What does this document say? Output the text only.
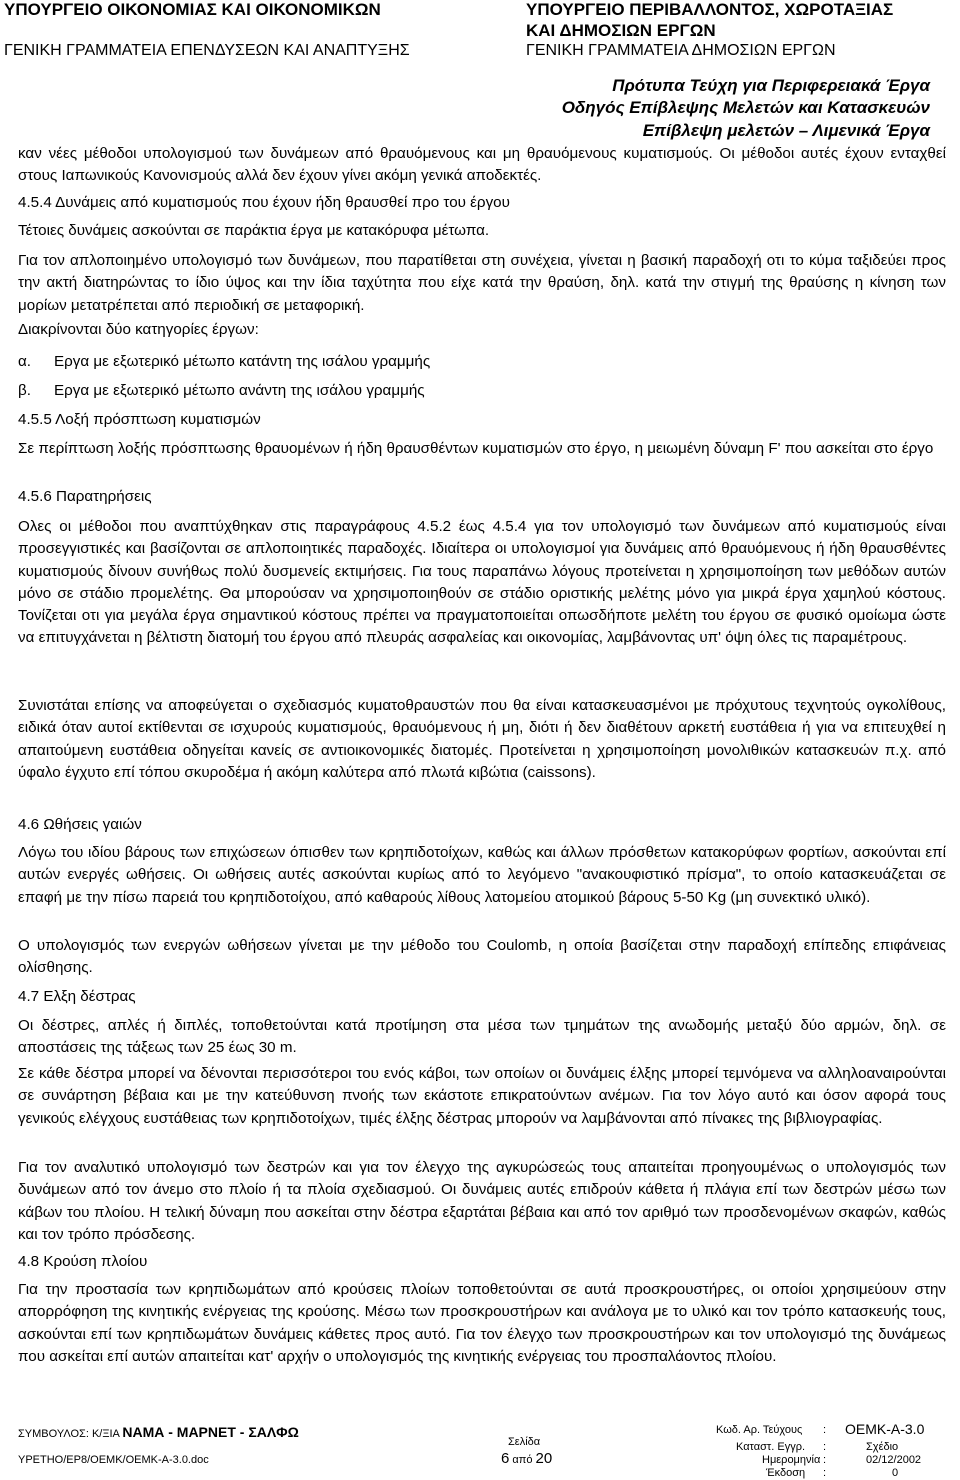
ΥΠΟΥΡΓΕΙΟ ΟΙΚΟΝΟΜΙΑΣ ΚΑΙ ΟΙΚΟΝΟΜΙΚΩΝ
ΓΕΝΙΚΗ ΓΡΑΜΜΑΤΕΙΑ ΕΠΕΝΔΥΣΕΩΝ ΚΑΙ ΑΝΑΠΤΥΞΗΣ
ΥΠΟΥΡΓΕΙΟ ΠΕΡΙΒΑΛΛΟΝΤΟΣ, ΧΩΡΟΤΑΞΙΑΣ
ΚΑΙ ΔΗΜΟΣΙΩΝ ΕΡΓΩΝ
ΓΕΝΙΚΗ ΓΡΑΜΜΑΤΕΙΑ ΔΗΜΟΣΙΩΝ ΕΡΓΩΝ
Πρότυπα Τεύχη για Περιφερειακά Έργα
Οδηγός Επίβλεψης Μελετών και Κατασκευών
Επίβλεψη μελετών – Λιμενικά Έργα

καν νέες μέθοδοι υπολογισμού των δυνάμεων από θραυόμενους και μη θραυόμενους κυματισμούς. Οι μέθοδοι αυτές έχουν ενταχθεί στους Ιαπωνικούς Κανονισμούς αλλά δεν έχουν γίνει ακόμη γενικά αποδεκτές.

4.5.4 Δυνάμεις από κυματισμούς που έχουν ήδη θραυσθεί προ του έργου
Τέτοιες δυνάμεις ασκούνται σε παράκτια έργα με κατακόρυφα μέτωπα.

Για τον απλοποιημένο υπολογισμό των δυνάμεων, που παρατίθεται στη συνέχεια, γίνεται η βασική παραδοχή οτι το κύμα ταξιδεύει προς την ακτή διατηρώντας το ίδιο ύψος και την ίδια ταχύτητα που είχε κατά την θραύση, δηλ. κατά την στιγμή της θραύσης η κίνηση των μορίων μετατρέπεται από περιοδική σε μεταφορική.

Διακρίνονται δύο κατηγορίες έργων:
α. Εργα με εξωτερικό μέτωπο κατάντη της ισάλου γραμμής
β. Εργα με εξωτερικό μέτωπο ανάντη της ισάλου γραμμής
4.5.5 Λοξή πρόσπτωση κυματισμών

Σε περίπτωση λοξής πρόσπτωσης θραυομένων ή ήδη θραυσθέντων κυματισμών στο έργο, η μειωμένη δύναμη F' που ασκείται στο έργο

4.5.6 Παρατηρήσεις

Ολες οι μέθοδοι που αναπτύχθηκαν στις παραγράφους 4.5.2 έως 4.5.4 για τον υπολογισμό των δυνάμεων από κυματισμούς είναι προσεγγιστικές και βασίζονται σε απλοποιητικές παραδοχές. Ιδιαίτερα οι υπολογισμοί για δυνάμεις από θραυόμενους ή ήδη θραυσθέντες κυματισμούς δίνουν συνήθως πολύ δυσμενείς εκτιμήσεις. Για τους παραπάνω λόγους προτείνεται η χρησιμοποίηση των μεθόδων αυτών μόνο σε στάδιο προμελέτης. Θα μπορούσαν να χρησιμοποιηθούν σε στάδιο οριστικής μελέτης μόνο για μικρά έργα χαμηλού κόστους. Τονίζεται οτι για μεγάλα έργα σημαντικού κόστους πρέπει να πραγματοποιείται οπωσδήποτε μελέτη του έργου σε φυσικό ομοίωμα ώστε να επιτυγχάνεται η βέλτιστη διατομή του έργου από πλευράς ασφαλείας και οικονομίας, λαμβάνοντας υπ' όψη όλες τις παραμέτρους.

Συνιστάται επίσης να αποφεύγεται ο σχεδιασμός κυματοθραυστών που θα είναι κατασκευασμένοι με πρόχυτους τεχνητούς ογκολίθους, ειδικά όταν αυτοί εκτίθενται σε ισχυρούς κυματισμούς, θραυόμενους ή μη, διότι ή δεν διαθέτουν αρκετή ευστάθεια ή για να επιτευχθεί η απαιτούμενη ευστάθεια οδηγείται κανείς σε αντιοικονομικές διατομές. Προτείνεται η χρησιμοποίηση μονολιθικών κατασκευών π.χ. από ύφαλο έγχυτο επί τόπου σκυροδέμα ή ακόμη καλύτερα από πλωτά κιβώτια (caissons).

4.6 Ωθήσεις γαιών

Λόγω του ιδίου βάρους των επιχώσεων όπισθεν των κρηπιδοτοίχων, καθώς και άλλων πρόσθετων κατακορύφων φορτίων, ασκούνται επί αυτών ενεργές ωθήσεις. Οι ωθήσεις αυτές ασκούνται κυρίως από το λεγόμενο "ανακουφιστικό πρίσμα", το οποίο κατασκευάζεται σε επαφή με την πίσω παρειά του κρηπιδοτοίχου, από καθαρούς λίθους λατομείου ατομικού βάρους 5-50 Kg (μη συνεκτικό υλικό).

Ο υπολογισμός των ενεργών ωθήσεων γίνεται με την μέθοδο του Coulomb, η οποία βασίζεται στην παραδοχή επίπεδης επιφάνειας ολίσθησης.

4.7 Ελξη δέστρας

Οι δέστρες, απλές ή διπλές, τοποθετούνται κατά προτίμηση στα μέσα των τμημάτων της ανωδομής μεταξύ δύο αρμών, δηλ. σε αποστάσεις της τάξεως των 25 έως 30 m.

Σε κάθε δέστρα μπορεί να δένονται περισσότεροι του ενός κάβοι, των οποίων οι δυνάμεις έλξης μπορεί τεμνόμενα να αλληλοαναιρούνται σε συνάρτηση βέβαια και με την κατεύθυνση πνοής των εκάστοτε επικρατούντων ανέμων. Για τον λόγο αυτό και όσον αφορά τους γενικούς ελέγχους ευστάθειας των κρηπιδοτοίχων, τιμές έλξης δέστρας μπορούν να λαμβάνονται από πίνακες της βιβλιογραφίας.

Για τον αναλυτικό υπολογισμό των δεστρών και για τον έλεγχο της αγκυρώσεώς τους απαιτείται προηγουμένως ο υπολογισμός των δυνάμεων από τον άνεμο στο πλοίο ή τα πλοία σχεδιασμού. Οι δυνάμεις αυτές επιδρούν κάθετα ή πλάγια επί των δεστρών μέσω των κάβων του πλοίου. Η τελική δύναμη που ασκείται στην δέστρα εξαρτάται βέβαια και από τον αριθμό των προσδενομένων σκαφών, καθώς και τον τρόπο πρόσδεσης.

4.8 Κρούση πλοίου

Για την προστασία των κρηπιδωμάτων από κρούσεις πλοίων τοποθετούνται σε αυτά προσκρουστήρες, οι οποίοι χρησιμεύουν στην απορρόφηση της κινητικής ενέργειας της κρούσης. Μέσω των προσκρουστήρων και ανάλογα με το υλικό και τον τρόπο κατασκευής τους, ασκούνται επί των κρηπιδωμάτων δυνάμεις κάθετες προς αυτό. Για τον έλεγχο των προσκρουστήρων και τον υπολογισμό της δυνάμεως που ασκείται επί αυτών απαιτείται κατ' αρχήν ο υπολογισμός της κινητικής ενέργειας του προσπαλάοντος πλοίου.

ΣΥΜΒΟΥΛΟΣ: Κ/ΞΙΑ ΝΑΜΑ - ΜΑΡΝΕΤ - ΣΑΛΦΩ
ΥΡΕΤΗΟ/ΕΡ8/ΟΕΜΚ/ΟΕΜΚ-Α-3.0.doc
Σελίδα
6 από 20
Κωδ. Αρ. Τεύχους : ΟΕΜΚ-Α-3.0
Καταστ. Εγγρ. :	Σχέδιο
Ημερομηνία :	02/12/2002
Έκδοση :	0
